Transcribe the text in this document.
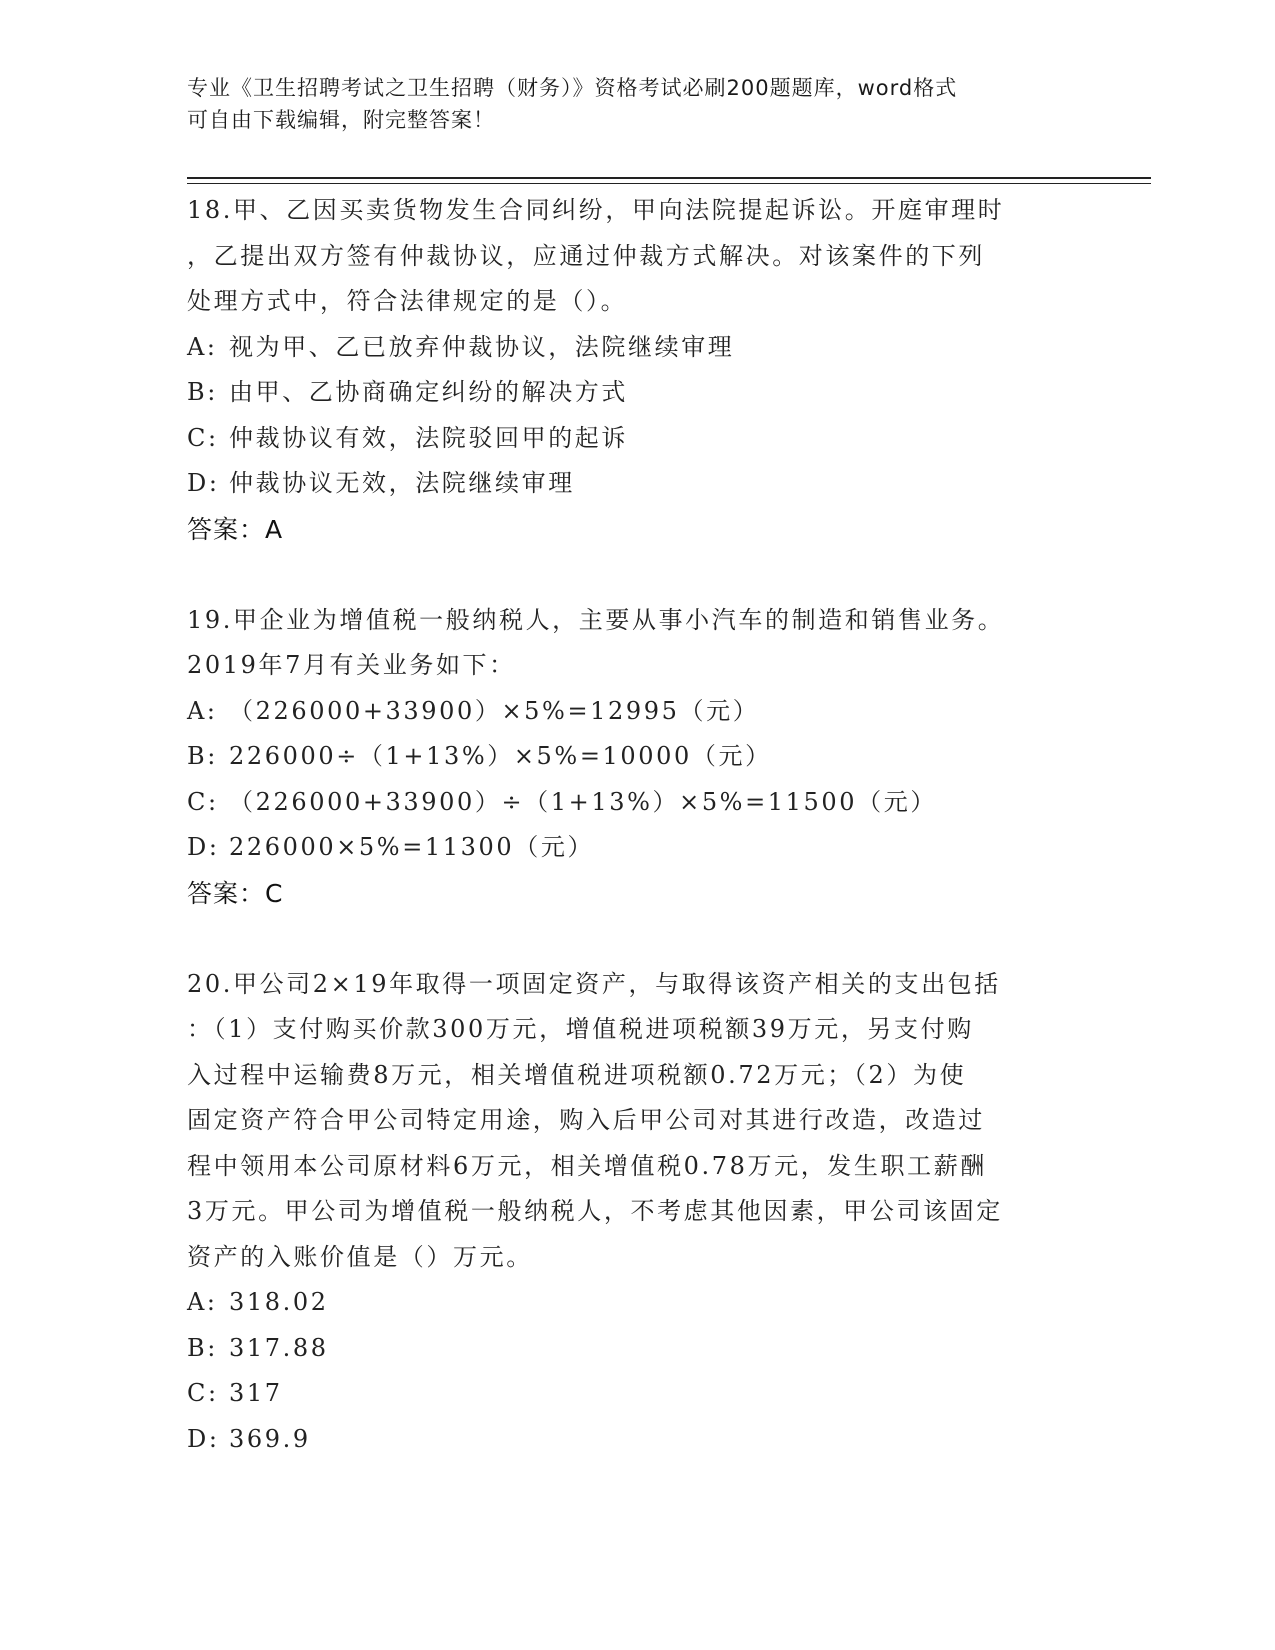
专业《卫生招聘考试之卫生招聘（财务）》资格考试必刷200题题库，word格式
可自由下载编辑，附完整答案！
18.甲、乙因买卖货物发生合同纠纷，甲向法院提起诉讼。开庭审理时
，乙提出双方签有仲裁协议，应通过仲裁方式解决。对该案件的下列
处理方式中，符合法律规定的是（）。
A: 视为甲、乙已放弃仲裁协议，法院继续审理
B: 由甲、乙协商确定纠纷的解决方式
C: 仲裁协议有效，法院驳回甲的起诉
D: 仲裁协议无效，法院继续审理
答案：A
19.甲企业为增值税一般纳税人，主要从事小汽车的制造和销售业务。
2019年7月有关业务如下：
A: （226000+33900）×5%=12995（元）
B: 226000÷（1+13%）×5%=10000（元）
C: （226000+33900）÷（1+13%）×5%=11500（元）
D: 226000×5%=11300（元）
答案：C
20.甲公司2×19年取得一项固定资产，与取得该资产相关的支出包括
：（1）支付购买价款300万元，增值税进项税额39万元，另支付购
入过程中运输费8万元，相关增值税进项税额0.72万元；（2）为使
固定资产符合甲公司特定用途，购入后甲公司对其进行改造，改造过
程中领用本公司原材料6万元，相关增值税0.78万元，发生职工薪酬
3万元。甲公司为增值税一般纳税人，不考虑其他因素，甲公司该固定
资产的入账价值是（）万元。
A: 318.02
B: 317.88
C: 317
D: 369.9
